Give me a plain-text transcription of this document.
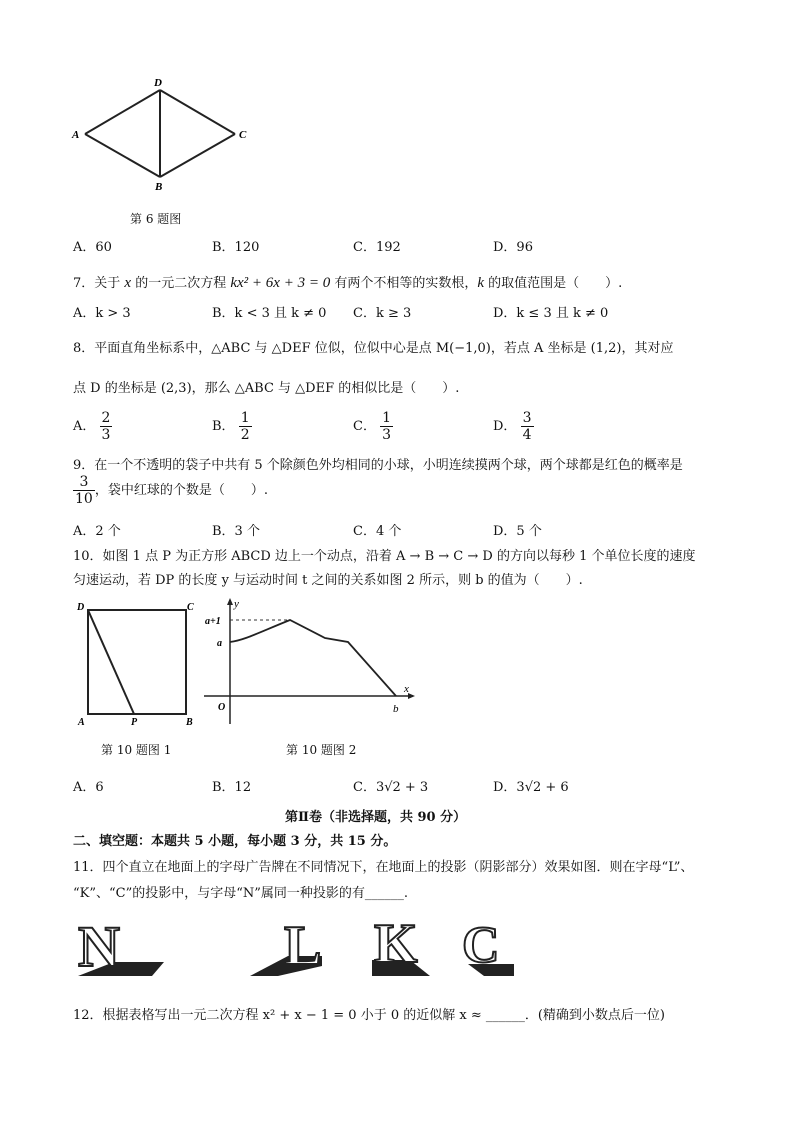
A
D
C
B
第 6 题图
A．60	B．120	C．192	D．96
7．关于 x 的一元二次方程 kx² + 6x + 3 = 0 有两个不相等的实数根，k 的取值范围是（　　）.
A．k > 3	B．k < 3 且 k ≠ 0 C．k ≥ 3	D．k ≤ 3 且 k ≠ 0
8．平面直角坐标系中，△ABC 与 △DEF 位似，位似中心是点 M(−1,0)，若点 A 坐标是 (1,2)，其对应
点 D 的坐标是 (2,3)，那么 △ABC 与 △DEF 的相似比是（　　）.
A． $\frac{2}{3}$	B． $\frac{1}{2}$	C． $\frac{1}{3}$	D． $\frac{3}{4}$
9．在一个不透明的袋子中共有 5 个除颜色外均相同的小球，小明连续摸两个球，两个球都是红色的概率是
$\frac{3}{10}$ ，袋中红球的个数是（　　）.
A．2 个	B．3 个	C．4 个	D．5 个
10．如图 1 点 P 为正方形 ABCD 边上一个动点，沿着 A → B → C → D 的方向以每秒 1 个单位长度的速度
匀速运动，若 DP 的长度 y 与运动时间 t 之间的关系如图 2 所示，则 b 的值为（　　）.
D	C
A	P	B
y
x
a+1
a
O	b
第 10 题图 1	第 10 题图 2
A．6	B．12	C．3√2 + 3	D．3√2 + 6
第Ⅱ卷（非选择题，共 90 分）
二、填空题：本题共 5 小题，每小题 3 分，共 15 分。
11．四个直立在地面上的字母广告牌在不同情况下，在地面上的投影（阴影部分）效果如图．则在字母“L”、
“K”、“C”的投影中，与字母“N”属同一种投影的有______.
N	L K C
12．根据表格写出一元二次方程 x² + x − 1 = 0 小于 0 的近似解 x ≈ ______．(精确到小数点后一位)
